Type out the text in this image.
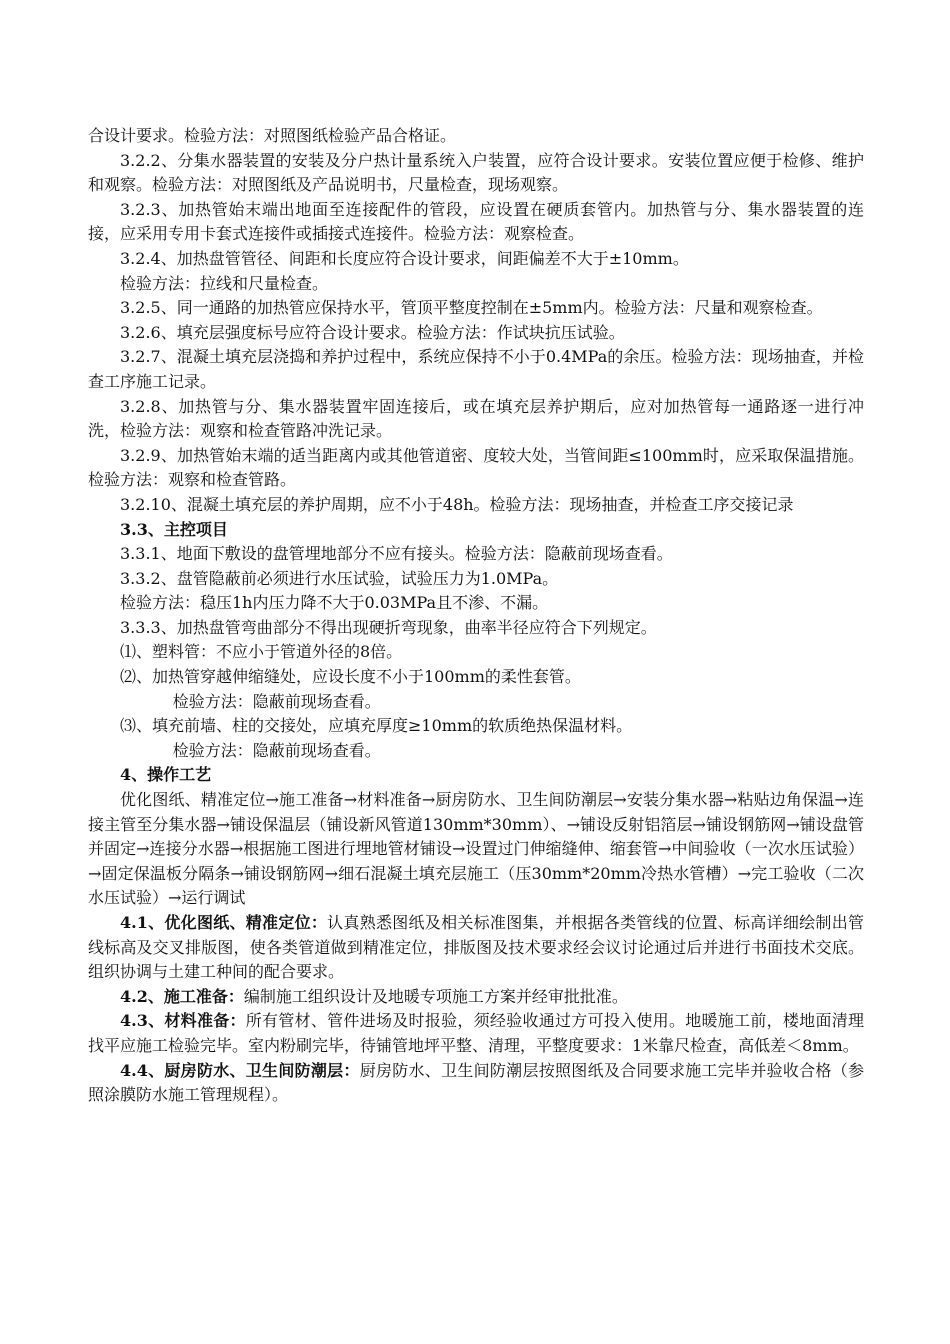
合设计要求。检验方法：对照图纸检验产品合格证。

3.2.2、分集水器装置的安装及分户热计量系统入户装置，应符合设计要求。安装位置应便于检修、维护和观察。检验方法：对照图纸及产品说明书，尺量检查，现场观察。

3.2.3、加热管始末端出地面至连接配件的管段，应设置在硬质套管内。加热管与分、集水器装置的连接，应采用专用卡套式连接件或插接式连接件。检验方法：观察检查。

3.2.4、加热盘管管径、间距和长度应符合设计要求，间距偏差不大于±10mm。

检验方法：拉线和尺量检查。

3.2.5、同一通路的加热管应保持水平，管顶平整度控制在±5mm内。检验方法：尺量和观察检查。

3.2.6、填充层强度标号应符合设计要求。检验方法：作试块抗压试验。

3.2.7、混凝土填充层浇捣和养护过程中，系统应保持不小于0.4MPa的余压。检验方法：现场抽查，并检查工序施工记录。

3.2.8、加热管与分、集水器装置牢固连接后，或在填充层养护期后，应对加热管每一通路逐一进行冲洗，检验方法：观察和检查管路冲洗记录。

3.2.9、加热管始末端的适当距离内或其他管道密、度较大处，当管间距≤100mm时，应采取保温措施。检验方法：观察和检查管路。

3.2.10、混凝土填充层的养护周期，应不小于48h。检验方法：现场抽查，并检查工序交接记录

3.3、主控项目

3.3.1、地面下敷设的盘管埋地部分不应有接头。检验方法：隐蔽前现场查看。

3.3.2、盘管隐蔽前必须进行水压试验，试验压力为1.0MPa。

检验方法：稳压1h内压力降不大于0.03MPa且不渗、不漏。

3.3.3、加热盘管弯曲部分不得出现硬折弯现象，曲率半径应符合下列规定。

⑴、塑料管：不应小于管道外径的8倍。

⑵、加热管穿越伸缩缝处，应设长度不小于100mm的柔性套管。

检验方法：隐蔽前现场查看。

⑶、填充前墙、柱的交接处，应填充厚度≥10mm的软质绝热保温材料。

检验方法：隐蔽前现场查看。

4、操作工艺

优化图纸、精准定位→施工准备→材料准备→厨房防水、卫生间防潮层→安装分集水器→粘贴边角保温→连接主管至分集水器→铺设保温层（铺设新风管道130mm*30mm）、→铺设反射铝箔层→铺设钢筋网→铺设盘管并固定→连接分水器→根据施工图进行埋地管材铺设→设置过门伸缩缝伸、缩套管→中间验收（一次水压试验）→固定保温板分隔条→铺设钢筋网→细石混凝土填充层施工（压30mm*20mm冷热水管槽）→完工验收（二次水压试验）→运行调试

4.1、优化图纸、精准定位：认真熟悉图纸及相关标准图集，并根据各类管线的位置、标高详细绘制出管线标高及交叉排版图，使各类管道做到精准定位，排版图及技术要求经会议讨论通过后并进行书面技术交底。组织协调与土建工种间的配合要求。

4.2、施工准备：编制施工组织设计及地暖专项施工方案并经审批批准。

4.3、材料准备：所有管材、管件进场及时报验，须经验收通过方可投入使用。地暖施工前，楼地面清理找平应施工检验完毕。室内粉刷完毕，待铺管地坪平整、清理，平整度要求：1米靠尺检查，高低差＜8mm。

4.4、厨房防水、卫生间防潮层：厨房防水、卫生间防潮层按照图纸及合同要求施工完毕并验收合格（参照涂膜防水施工管理规程）。
